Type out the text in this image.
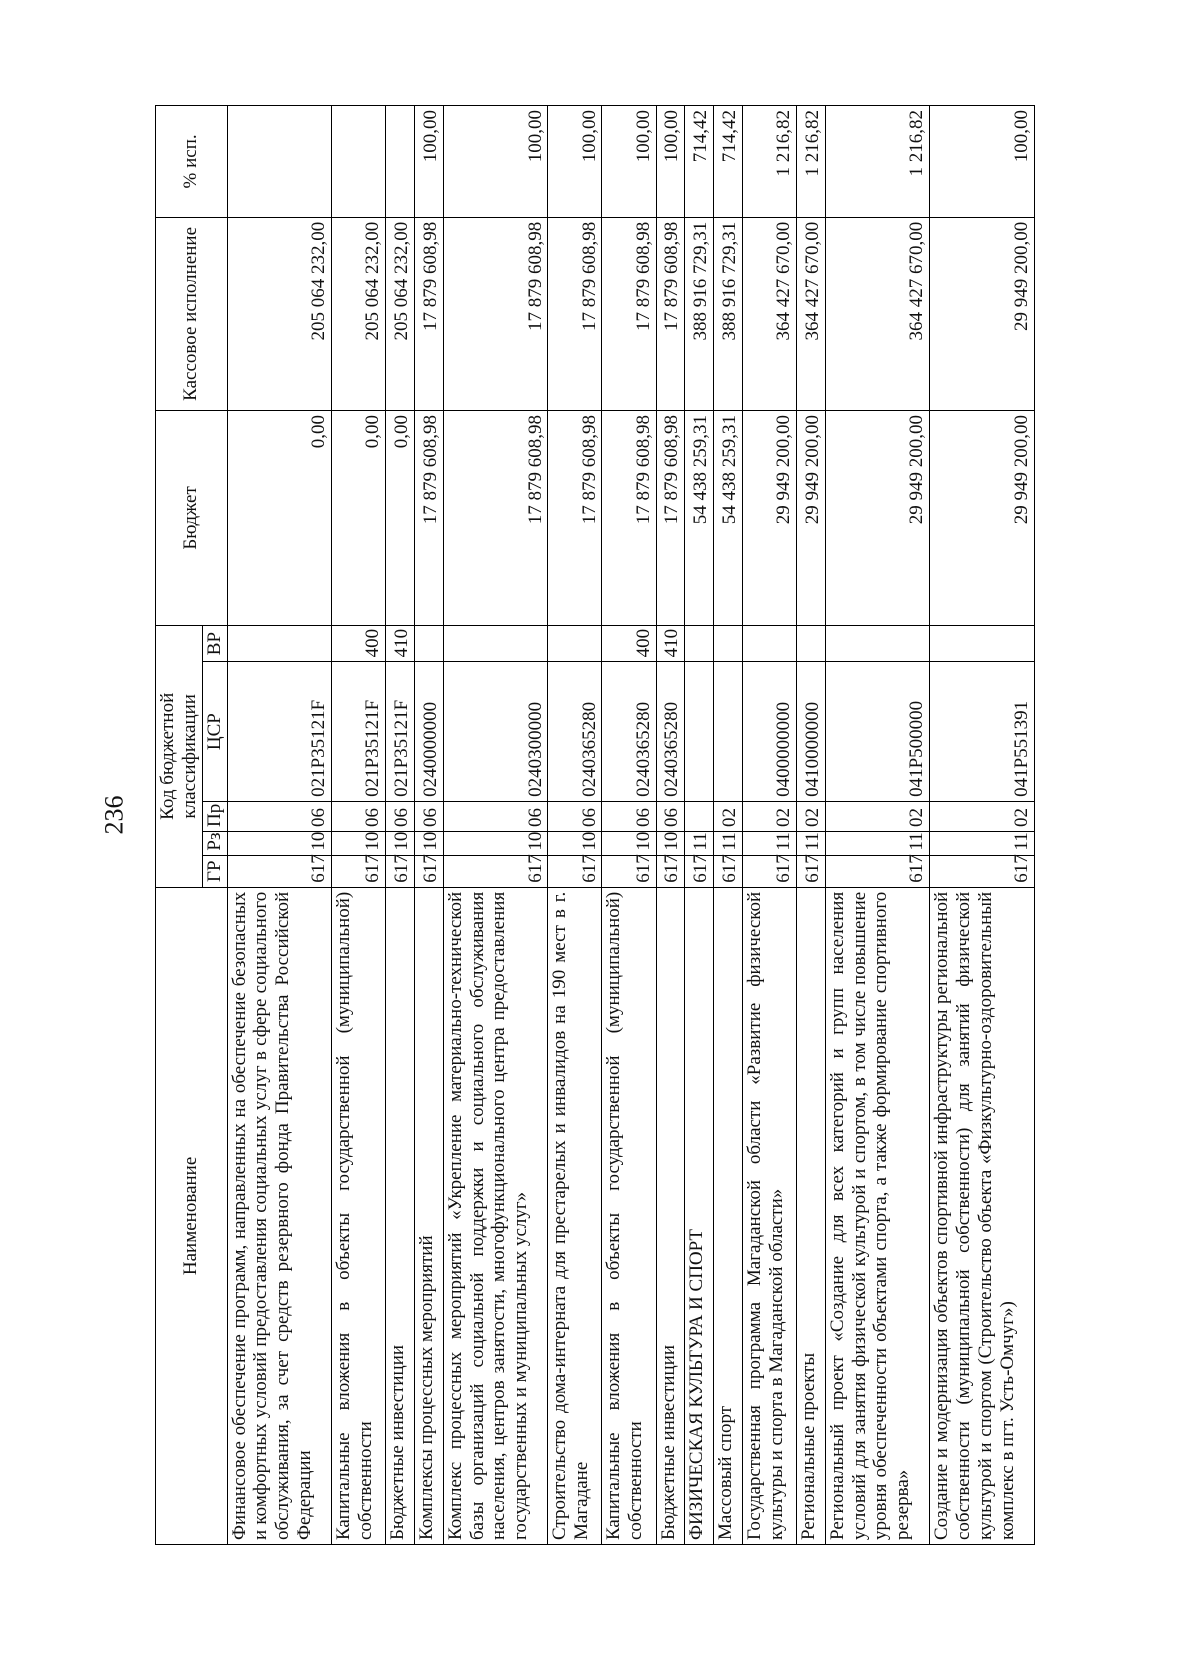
236
Наименование	Код бюджетной классификации					Бюджет	Кассовое исполнение	% исп.
	ГР	Рз	Пр	ЦСР	ВР			
Финансовое обеспечение программ, направленных на обеспечение безопасных и комфортных условий предоставления социальных услуг в сфере социального обслуживания, за счет средств резервного фонда Правительства Российской Федерации	617	10	06	021P35121F		0,00	205 064 232,00	
Капитальные вложения в объекты государственной (муниципальной) собственности	617	10	06	021P35121F	400	0,00	205 064 232,00	
Бюджетные инвестиции	617	10	06	021P35121F	410	0,00	205 064 232,00	
Комплексы процессных мероприятий	617	10	06	0240000000		17 879 608,98	17 879 608,98	100,00
Комплекс процессных мероприятий «Укрепление материально-технической базы организаций социальной поддержки и социального обслуживания населения, центров занятости, многофункционального центра предоставления государственных и муниципальных услуг»	617	10	06	0240300000		17 879 608,98	17 879 608,98	100,00
Строительство дома-интерната для престарелых и инвалидов на 190 мест в г. Магадане	617	10	06	0240365280		17 879 608,98	17 879 608,98	100,00
Капитальные вложения в объекты государственной (муниципальной) собственности	617	10	06	0240365280	400	17 879 608,98	17 879 608,98	100,00
Бюджетные инвестиции	617	10	06	0240365280	410	17 879 608,98	17 879 608,98	100,00
ФИЗИЧЕСКАЯ КУЛЬТУРА И СПОРТ	617	11				54 438 259,31	388 916 729,31	714,42
Массовый спорт	617	11	02			54 438 259,31	388 916 729,31	714,42
Государственная программа Магаданской области «Развитие физической культуры и спорта в Магаданской области»	617	11	02	0400000000		29 949 200,00	364 427 670,00	1 216,82
Региональные проекты	617	11	02	0410000000		29 949 200,00	364 427 670,00	1 216,82
Региональный проект «Создание для всех категорий и групп населения условий для занятия физической культурой и спортом, в том числе повышение уровня обеспеченности объектами спорта, а также формирование спортивного резерва»	617	11	02	041P500000		29 949 200,00	364 427 670,00	1 216,82
Создание и модернизация объектов спортивной инфраструктуры региональной собственности (муниципальной собственности) для занятий физической культурой и спортом (Строительство объекта «Физкультурно-оздоровительный комплекс в пгт. Усть-Омчуг»)	617	11	02	041P551391		29 949 200,00	29 949 200,00	100,00
